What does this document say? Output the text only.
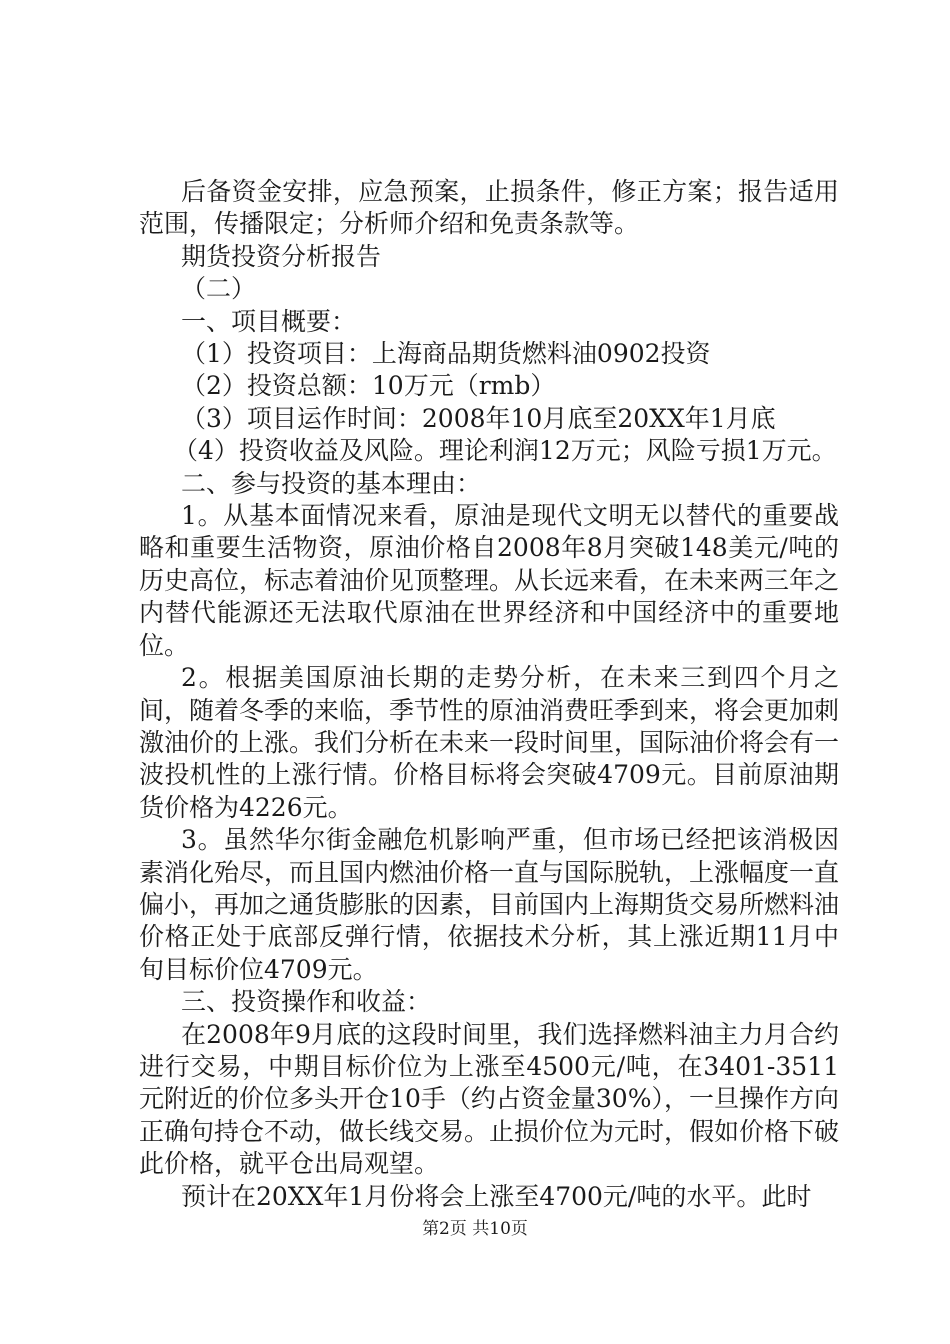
后备资金安排，应急预案，止损条件，修正方案；报告适用范围，传播限定；分析师介绍和免责条款等。

期货投资分析报告

（二）

一、项目概要：

（1）投资项目：上海商品期货燃料油0902投资

（2）投资总额：10万元（rmb）

（3）项目运作时间：2008年10月底至20XX年1月底

（4）投资收益及风险。理论利润12万元；风险亏损1万元。

二、参与投资的基本理由：

1。从基本面情况来看，原油是现代文明无以替代的重要战略和重要生活物资，原油价格自2008年8月突破148美元/吨的历史高位，标志着油价见顶整理。从长远来看，在未来两三年之内替代能源还无法取代原油在世界经济和中国经济中的重要地位。

2。根据美国原油长期的走势分析，在未来三到四个月之间，随着冬季的来临，季节性的原油消费旺季到来，将会更加刺激油价的上涨。我们分析在未来一段时间里，国际油价将会有一波投机性的上涨行情。价格目标将会突破4709元。目前原油期货价格为4226元。

3。虽然华尔街金融危机影响严重，但市场已经把该消极因素消化殆尽，而且国内燃油价格一直与国际脱轨，上涨幅度一直偏小，再加之通货膨胀的因素，目前国内上海期货交易所燃料油价格正处于底部反弹行情，依据技术分析，其上涨近期11月中旬目标价位4709元。

三、投资操作和收益：

在2008年9月底的这段时间里，我们选择燃料油主力月合约进行交易，中期目标价位为上涨至4500元/吨，在3401-3511元附近的价位多头开仓10手（约占资金量30%），一旦操作方向正确句持仓不动，做长线交易。止损价位为元时，假如价格下破此价格，就平仓出局观望。

预计在20XX年1月份将会上涨至4700元/吨的水平。此时

第2页 共10页
